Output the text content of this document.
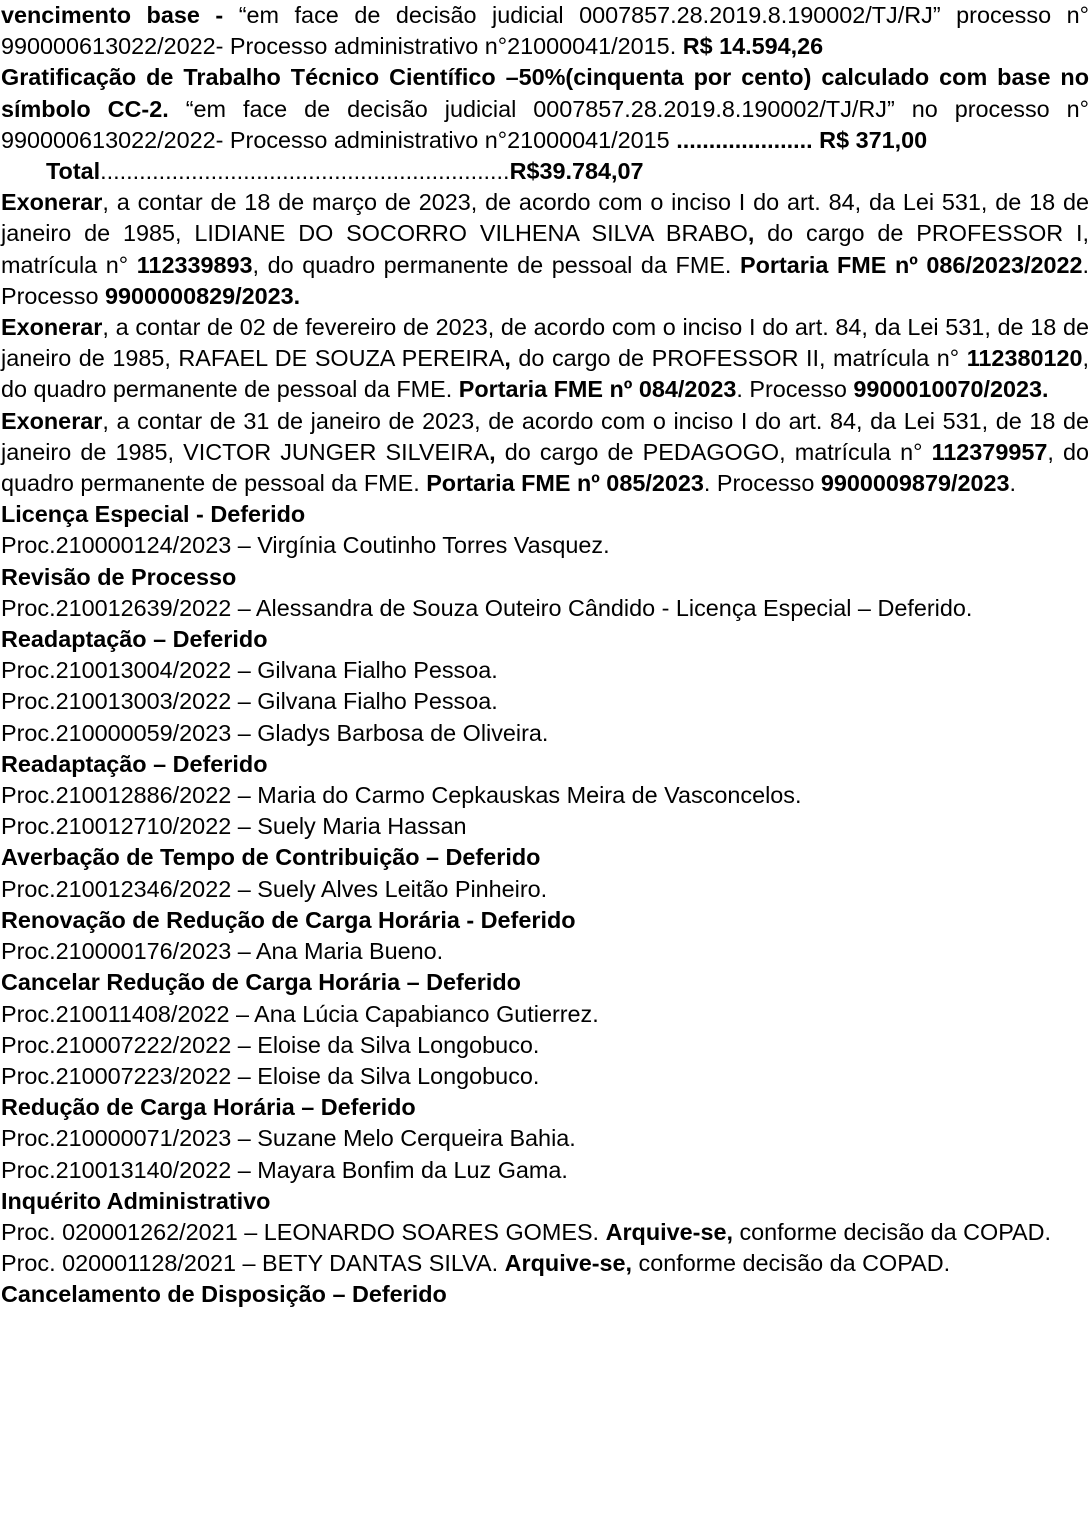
vencimento base - “em face de decisão judicial 0007857.28.2019.8.190002/TJ/RJ” processo n° 990000613022/2022- Processo administrativo n°21000041/2015. R$ 14.594,26

Gratificação de Trabalho Técnico Científico –50%(cinquenta por cento) calculado com base no símbolo CC-2. “em face de decisão judicial 0007857.28.2019.8.190002/TJ/RJ” no processo n° 990000613022/2022- Processo administrativo n°21000041/2015 ..................... R$ 371,00

Total...............................................................R$39.784,07

Exonerar, a contar de 18 de março de 2023, de acordo com o inciso I do art. 84, da Lei 531, de 18 de janeiro de 1985, LIDIANE DO SOCORRO VILHENA SILVA BRABO, do cargo de PROFESSOR I, matrícula n° 112339893, do quadro permanente de pessoal da FME. Portaria FME nº 086/2023/2022. Processo 9900000829/2023.

Exonerar, a contar de 02 de fevereiro de 2023, de acordo com o inciso I do art. 84, da Lei 531, de 18 de janeiro de 1985, RAFAEL DE SOUZA PEREIRA, do cargo de PROFESSOR II, matrícula n° 112380120, do quadro permanente de pessoal da FME. Portaria FME nº 084/2023. Processo 9900010070/2023.

Exonerar, a contar de 31 de janeiro de 2023, de acordo com o inciso I do art. 84, da Lei 531, de 18 de janeiro de 1985, VICTOR JUNGER SILVEIRA, do cargo de PEDAGOGO, matrícula n° 112379957, do quadro permanente de pessoal da FME. Portaria FME nº 085/2023. Processo 9900009879/2023.

Licença Especial - Deferido

Proc.210000124/2023 – Virgínia Coutinho Torres Vasquez.

Revisão de Processo

Proc.210012639/2022 – Alessandra de Souza Outeiro Cândido - Licença Especial – Deferido.

Readaptação – Deferido

Proc.210013004/2022 – Gilvana Fialho Pessoa.

Proc.210013003/2022 – Gilvana Fialho Pessoa.

Proc.210000059/2023 – Gladys Barbosa de Oliveira.

Readaptação – Deferido

Proc.210012886/2022 – Maria do Carmo Cepkauskas Meira de Vasconcelos.

Proc.210012710/2022 – Suely Maria Hassan

Averbação de Tempo de Contribuição – Deferido

Proc.210012346/2022 – Suely Alves Leitão Pinheiro.

Renovação de Redução de Carga Horária - Deferido

Proc.210000176/2023 – Ana Maria Bueno.

Cancelar Redução de Carga Horária – Deferido

Proc.210011408/2022 – Ana Lúcia Capabianco Gutierrez.

Proc.210007222/2022 – Eloise da Silva Longobuco.

Proc.210007223/2022 – Eloise da Silva Longobuco.

Redução de Carga Horária – Deferido

Proc.210000071/2023 – Suzane Melo Cerqueira Bahia.

Proc.210013140/2022 – Mayara Bonfim da Luz Gama.

Inquérito Administrativo

Proc. 020001262/2021 – LEONARDO SOARES GOMES. Arquive-se, conforme decisão da COPAD.

Proc. 020001128/2021 – BETY DANTAS SILVA. Arquive-se, conforme decisão da COPAD.

Cancelamento de Disposição – Deferido
